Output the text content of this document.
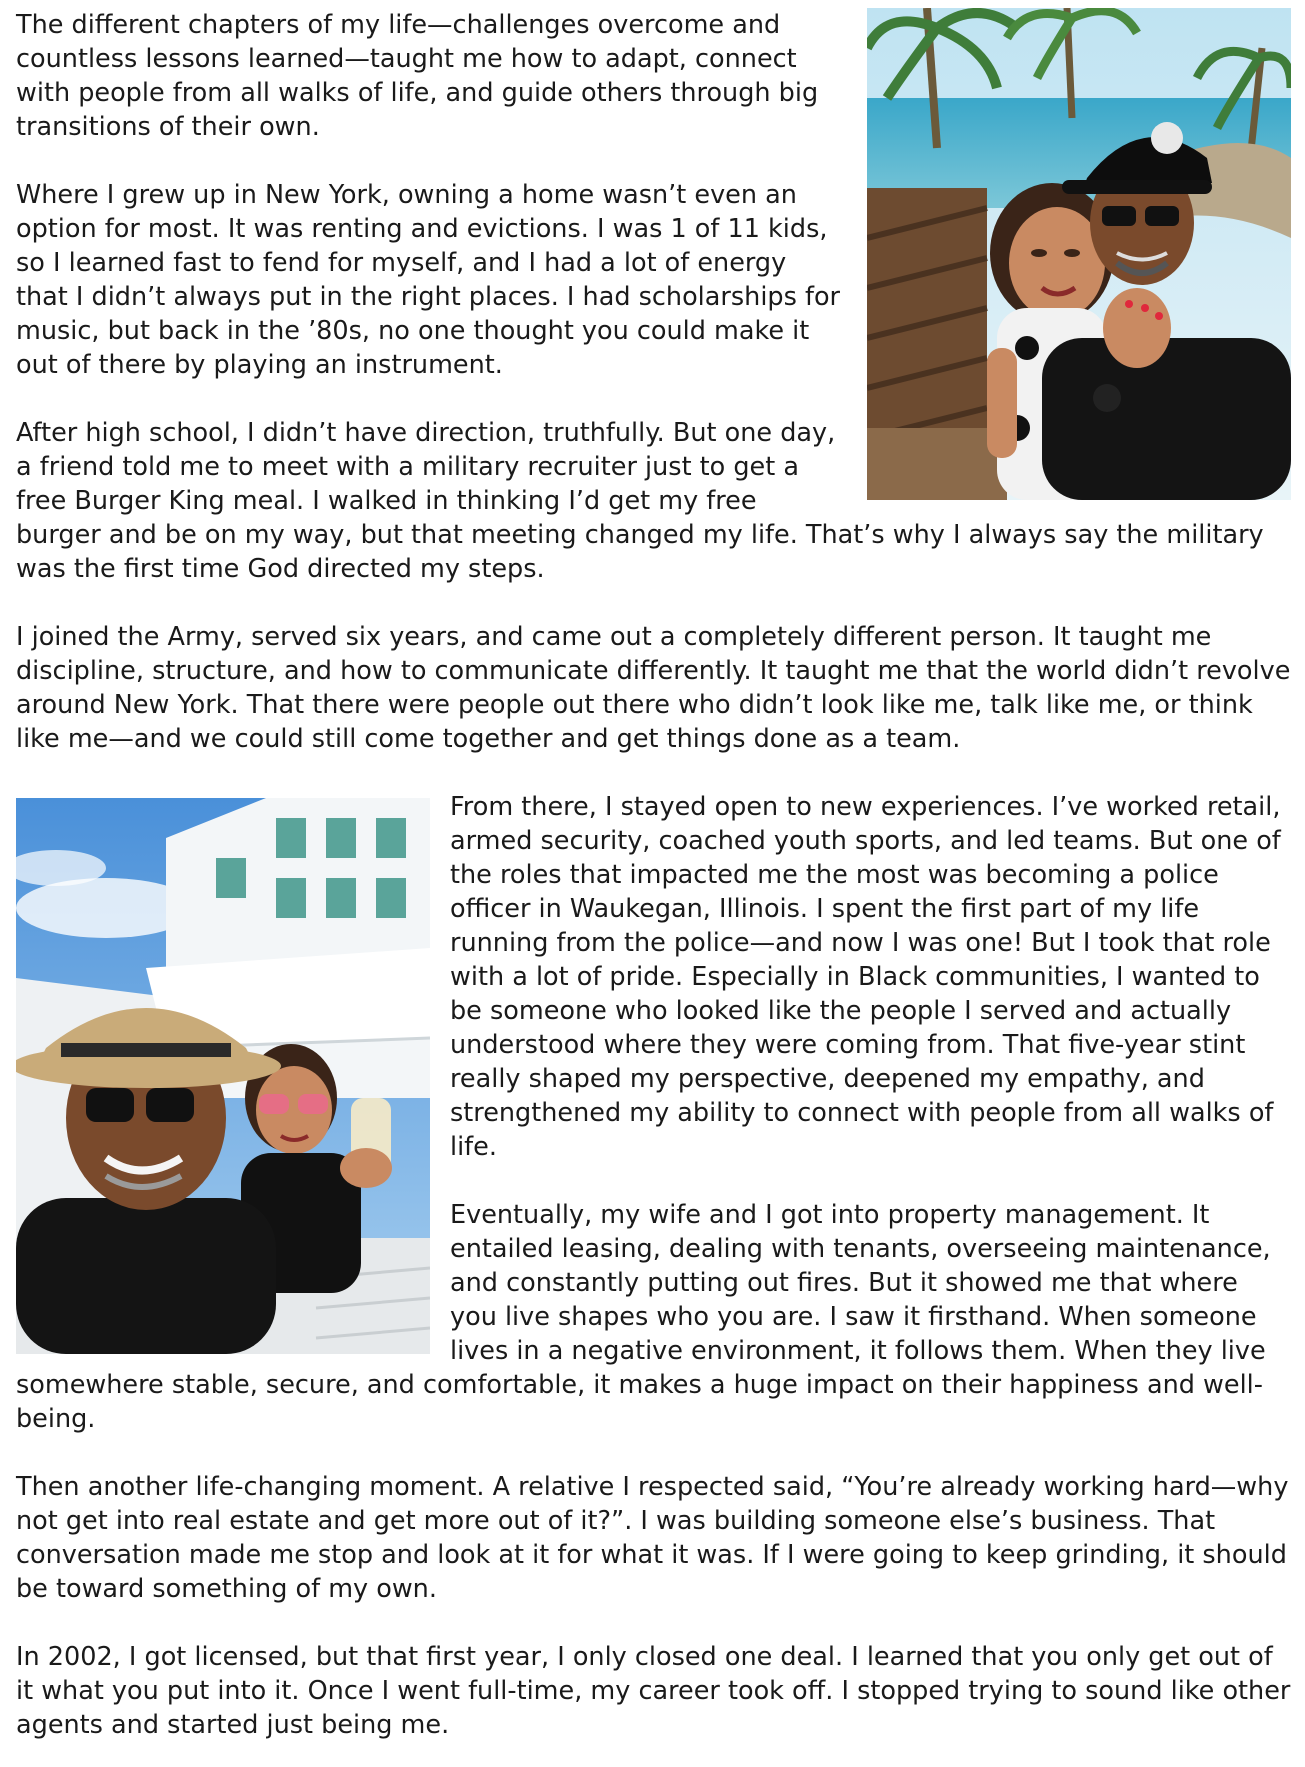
The different chapters of my life—challenges overcome and countless lessons learned—taught me how to adapt, connect with people from all walks of life, and guide others through big transitions of their own.

Where I grew up in New York, owning a home wasn’t even an option for most. It was renting and evictions. I was 1 of 11 kids, so I learned fast to fend for myself, and I had a lot of energy that I didn’t always put in the right places. I had scholarships for music, but back in the ’80s, no one thought you could make it out of there by playing an instrument.

After high school, I didn’t have direction, truthfully. But one day, a friend told me to meet with a military recruiter just to get a free Burger King meal. I walked in thinking I’d get my free burger and be on my way, but that meeting changed my life. That’s why I always say the military was the first time God directed my steps.

I joined the Army, served six years, and came out a completely different person. It taught me discipline, structure, and how to communicate differently. It taught me that the world didn’t revolve around New York. That there were people out there who didn’t look like me, talk like me, or think like me—and we could still come together and get things done as a team.

From there, I stayed open to new experiences. I’ve worked retail, armed security, coached youth sports, and led teams. But one of the roles that impacted me the most was becoming a police officer in Waukegan, Illinois. I spent the first part of my life running from the police—and now I was one! But I took that role with a lot of pride. Especially in Black communities, I wanted to be someone who looked like the people I served and actually understood where they were coming from. That five-year stint really shaped my perspective, deepened my empathy, and strengthened my ability to connect with people from all walks of life.

Eventually, my wife and I got into property management. It entailed leasing, dealing with tenants, overseeing maintenance, and constantly putting out fires. But it showed me that where you live shapes who you are. I saw it firsthand. When someone lives in a negative environment, it follows them. When they live somewhere stable, secure, and comfortable, it makes a huge impact on their happiness and well-being.

Then another life-changing moment. A relative I respected said, “You’re already working hard—why not get into real estate and get more out of it?”. I was building someone else’s business. That conversation made me stop and look at it for what it was. If I were going to keep grinding, it should be toward something of my own.

In 2002, I got licensed, but that first year, I only closed one deal. I learned that you only get out of it what you put into it. Once I went full-time, my career took off. I stopped trying to sound like other agents and started just being me.
